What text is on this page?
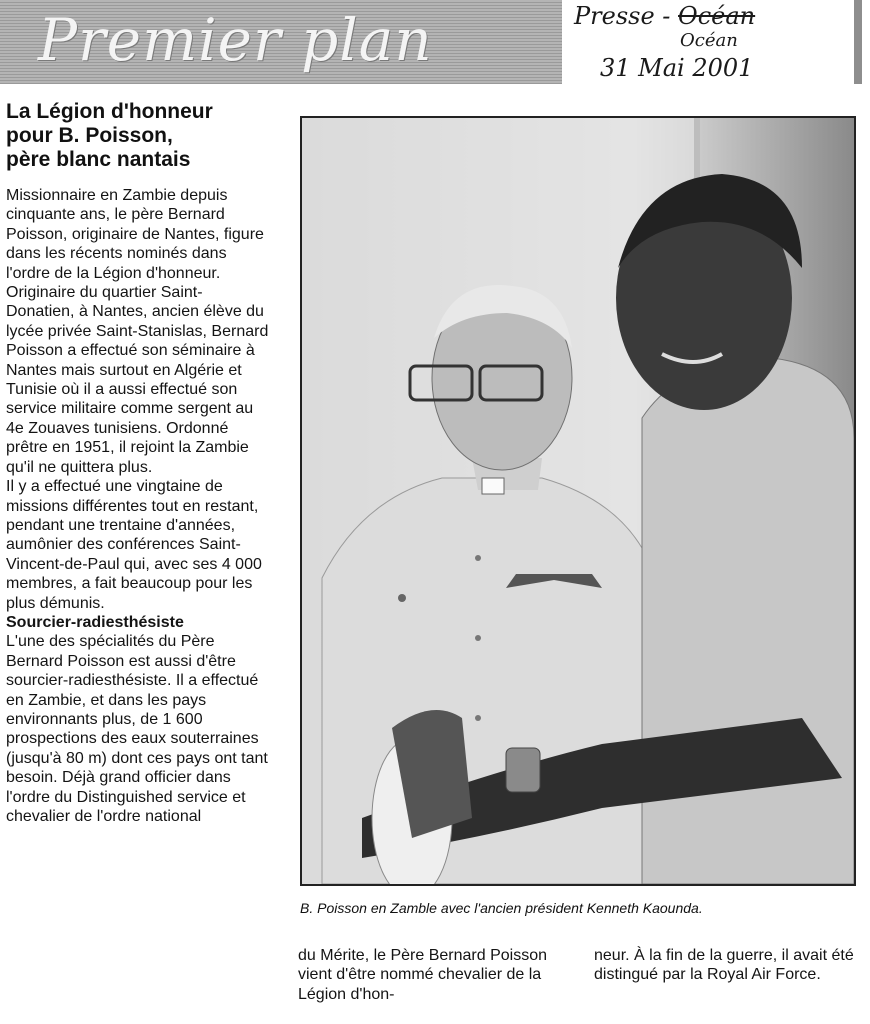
Premier plan	Presse - Océan
Océan
31 Mai 2001
La Légion d'honneur
pour B. Poisson,
père blanc nantais

Missionnaire en Zambie depuis cinquante ans, le père Bernard Poisson, originaire de Nantes, figure dans les récents nominés dans l'ordre de la Légion d'honneur.

Originaire du quartier Saint-Donatien, à Nantes, ancien élève du lycée privée Saint-Stanislas, Bernard Poisson a effectué son séminaire à Nantes mais surtout en Algérie et Tunisie où il a aussi effectué son service militaire comme sergent au 4e Zouaves tunisiens. Ordonné prêtre en 1951, il rejoint la Zambie qu'il ne quittera plus.

Il y a effectué une vingtaine de missions différentes tout en restant, pendant une trentaine d'années, aumônier des conférences Saint-Vincent-de-Paul qui, avec ses 4 000 membres, a fait beaucoup pour les plus démunis.

Sourcier-radiesthésiste

L'une des spécialités du Père Bernard Poisson est aussi d'être sourcier-radiesthésiste. Il a effectué en Zambie, et dans les pays environnants plus, de 1 600 prospections des eaux souterraines (jusqu'à 80 m) dont ces pays ont tant besoin. Déjà grand officier dans l'ordre du Distinguished service et chevalier de l'ordre national

B. Poisson en Zamble avec l'ancien président Kenneth Kaounda.

du Mérite, le Père Bernard Poisson vient d'être nommé chevalier de la Légion d'hon-

neur. À la fin de la guerre, il avait été distingué par la Royal Air Force.
